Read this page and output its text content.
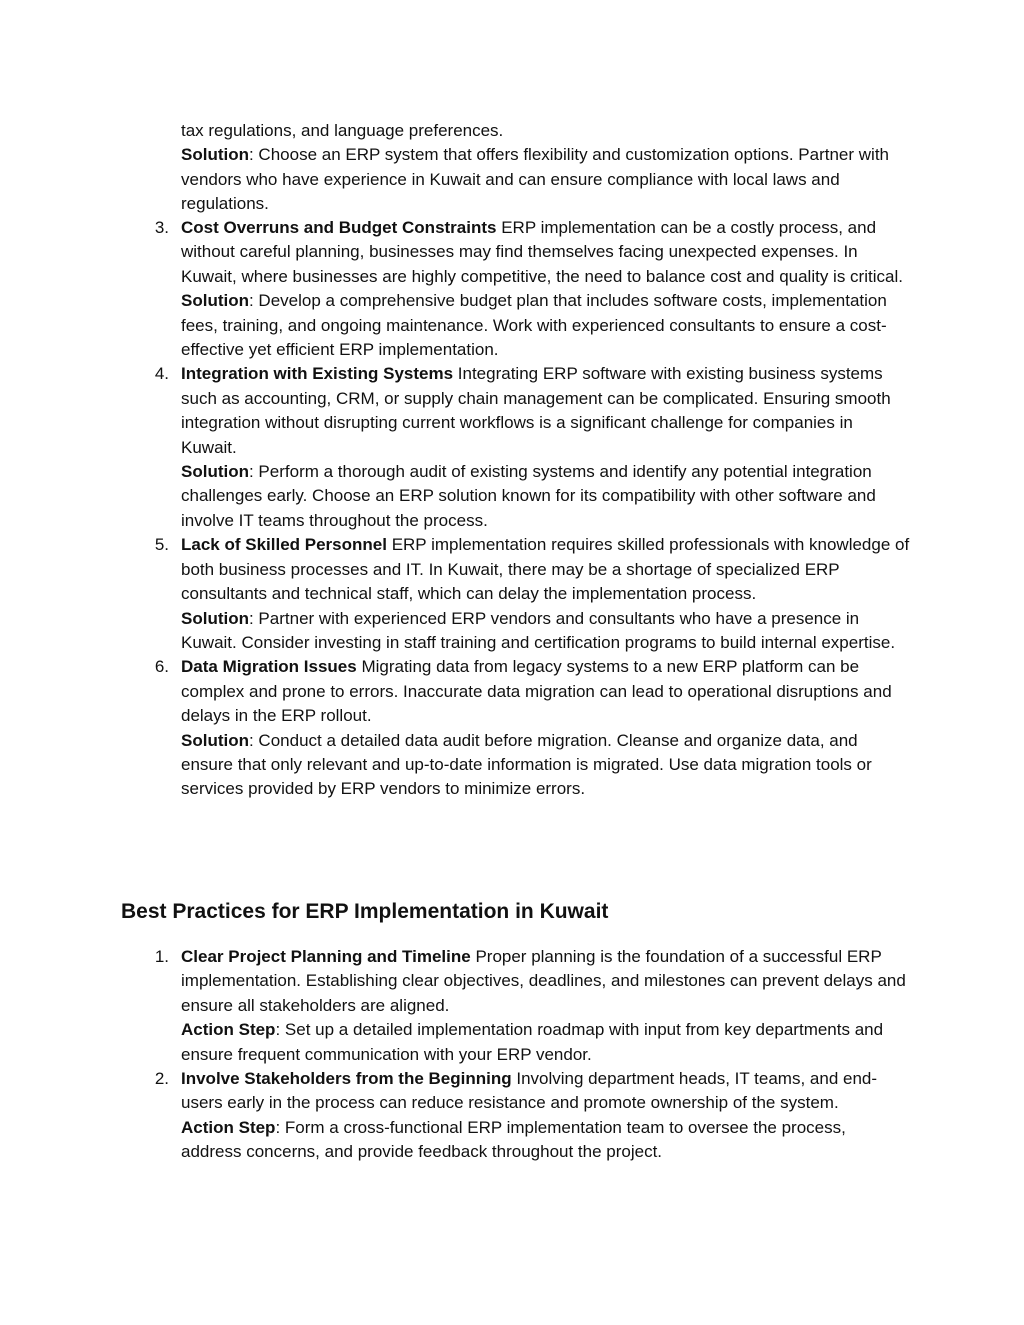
tax regulations, and language preferences.
Solution: Choose an ERP system that offers flexibility and customization options. Partner with vendors who have experience in Kuwait and can ensure compliance with local laws and regulations.
3. Cost Overruns and Budget Constraints ERP implementation can be a costly process, and without careful planning, businesses may find themselves facing unexpected expenses. In Kuwait, where businesses are highly competitive, the need to balance cost and quality is critical.

Solution: Develop a comprehensive budget plan that includes software costs, implementation fees, training, and ongoing maintenance. Work with experienced consultants to ensure a cost-effective yet efficient ERP implementation.

4. Integration with Existing Systems Integrating ERP software with existing business systems such as accounting, CRM, or supply chain management can be complicated. Ensuring smooth integration without disrupting current workflows is a significant challenge for companies in Kuwait.

Solution: Perform a thorough audit of existing systems and identify any potential integration challenges early. Choose an ERP solution known for its compatibility with other software and involve IT teams throughout the process.

5. Lack of Skilled Personnel ERP implementation requires skilled professionals with knowledge of both business processes and IT. In Kuwait, there may be a shortage of specialized ERP consultants and technical staff, which can delay the implementation process.

Solution: Partner with experienced ERP vendors and consultants who have a presence in Kuwait. Consider investing in staff training and certification programs to build internal expertise.

6. Data Migration Issues Migrating data from legacy systems to a new ERP platform can be complex and prone to errors. Inaccurate data migration can lead to operational disruptions and delays in the ERP rollout.

Solution: Conduct a detailed data audit before migration. Cleanse and organize data, and ensure that only relevant and up-to-date information is migrated. Use data migration tools or services provided by ERP vendors to minimize errors.

Best Practices for ERP Implementation in Kuwait
1. Clear Project Planning and Timeline Proper planning is the foundation of a successful ERP implementation. Establishing clear objectives, deadlines, and milestones can prevent delays and ensure all stakeholders are aligned.

Action Step: Set up a detailed implementation roadmap with input from key departments and ensure frequent communication with your ERP vendor.

2. Involve Stakeholders from the Beginning Involving department heads, IT teams, and end-users early in the process can reduce resistance and promote ownership of the system.

Action Step: Form a cross-functional ERP implementation team to oversee the process, address concerns, and provide feedback throughout the project.
